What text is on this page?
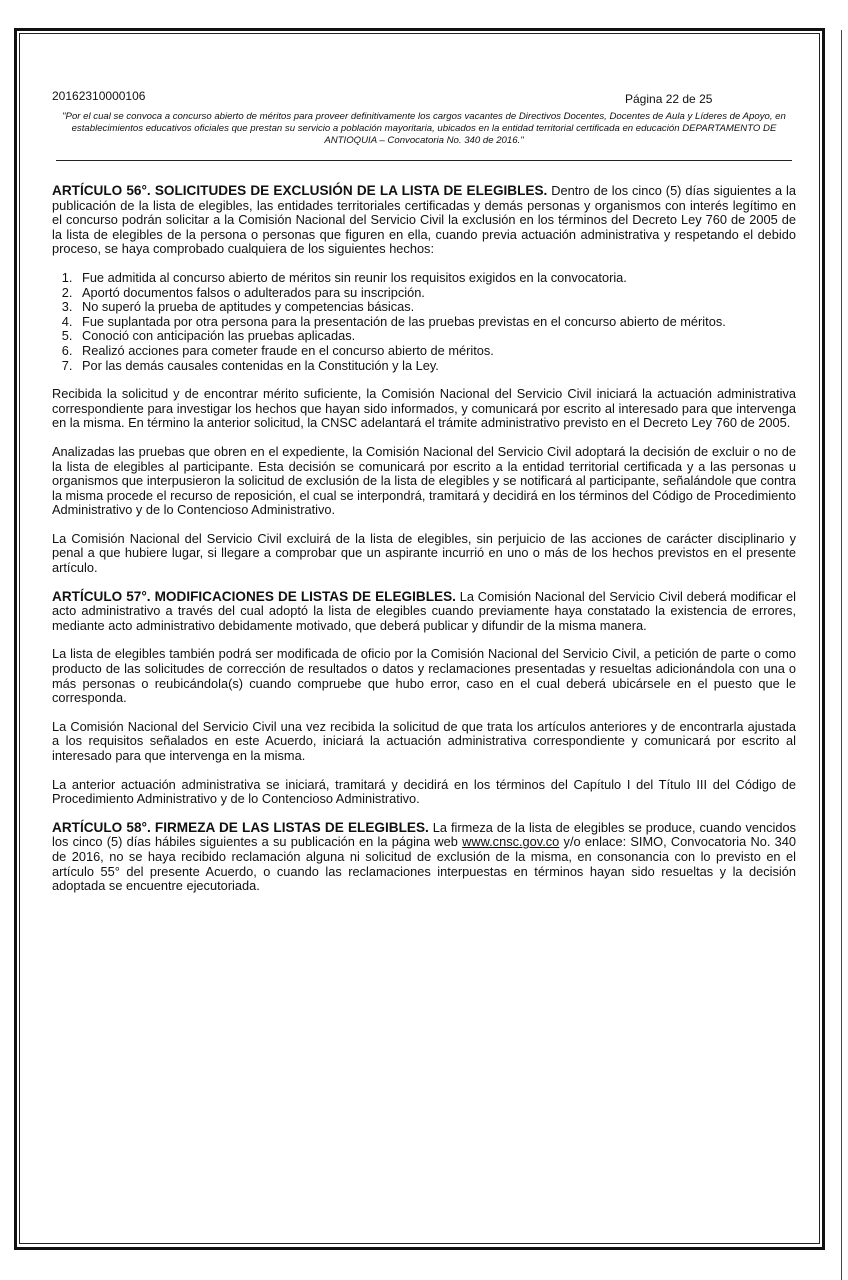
20162310000106	Página 22 de 25
"Por el cual se convoca a concurso abierto de méritos para proveer definitivamente los cargos vacantes de Directivos Docentes, Docentes de Aula y Líderes de Apoyo, en establecimientos educativos oficiales que prestan su servicio a población mayoritaria, ubicados en la entidad territorial certificada en educación DEPARTAMENTO DE ANTIOQUIA – Convocatoria No. 340 de 2016."

ARTÍCULO 56°. SOLICITUDES DE EXCLUSIÓN DE LA LISTA DE ELEGIBLES. Dentro de los cinco (5) días siguientes a la publicación de la lista de elegibles, las entidades territoriales certificadas y demás personas y organismos con interés legítimo en el concurso podrán solicitar a la Comisión Nacional del Servicio Civil la exclusión en los términos del Decreto Ley 760 de 2005 de la lista de elegibles de la persona o personas que figuren en ella, cuando previa actuación administrativa y respetando el debido proceso, se haya comprobado cualquiera de los siguientes hechos:

1. Fue admitida al concurso abierto de méritos sin reunir los requisitos exigidos en la convocatoria.
2. Aportó documentos falsos o adulterados para su inscripción.
3. No superó la prueba de aptitudes y competencias básicas.
4. Fue suplantada por otra persona para la presentación de las pruebas previstas en el concurso abierto de méritos.
5. Conoció con anticipación las pruebas aplicadas.
6. Realizó acciones para cometer fraude en el concurso abierto de méritos.
7. Por las demás causales contenidas en la Constitución y la Ley.

Recibida la solicitud y de encontrar mérito suficiente, la Comisión Nacional del Servicio Civil iniciará la actuación administrativa correspondiente para investigar los hechos que hayan sido informados, y comunicará por escrito al interesado para que intervenga en la misma. En término la anterior solicitud, la CNSC adelantará el trámite administrativo previsto en el Decreto Ley 760 de 2005.

Analizadas las pruebas que obren en el expediente, la Comisión Nacional del Servicio Civil adoptará la decisión de excluir o no de la lista de elegibles al participante. Esta decisión se comunicará por escrito a la entidad territorial certificada y a las personas u organismos que interpusieron la solicitud de exclusión de la lista de elegibles y se notificará al participante, señalándole que contra la misma procede el recurso de reposición, el cual se interpondrá, tramitará y decidirá en los términos del Código de Procedimiento Administrativo y de lo Contencioso Administrativo.

La Comisión Nacional del Servicio Civil excluirá de la lista de elegibles, sin perjuicio de las acciones de carácter disciplinario y penal a que hubiere lugar, si llegare a comprobar que un aspirante incurrió en uno o más de los hechos previstos en el presente artículo.

ARTÍCULO 57°. MODIFICACIONES DE LISTAS DE ELEGIBLES. La Comisión Nacional del Servicio Civil deberá modificar el acto administrativo a través del cual adoptó la lista de elegibles cuando previamente haya constatado la existencia de errores, mediante acto administrativo debidamente motivado, que deberá publicar y difundir de la misma manera.

La lista de elegibles también podrá ser modificada de oficio por la Comisión Nacional del Servicio Civil, a petición de parte o como producto de las solicitudes de corrección de resultados o datos y reclamaciones presentadas y resueltas adicionándola con una o más personas o reubicándola(s) cuando compruebe que hubo error, caso en el cual deberá ubicársele en el puesto que le corresponda.

La Comisión Nacional del Servicio Civil una vez recibida la solicitud de que trata los artículos anteriores y de encontrarla ajustada a los requisitos señalados en este Acuerdo, iniciará la actuación administrativa correspondiente y comunicará por escrito al interesado para que intervenga en la misma.

La anterior actuación administrativa se iniciará, tramitará y decidirá en los términos del Capítulo I del Título III del Código de Procedimiento Administrativo y de lo Contencioso Administrativo.

ARTÍCULO 58°. FIRMEZA DE LAS LISTAS DE ELEGIBLES. La firmeza de la lista de elegibles se produce, cuando vencidos los cinco (5) días hábiles siguientes a su publicación en la página web www.cnsc.gov.co y/o enlace: SIMO, Convocatoria No. 340 de 2016, no se haya recibido reclamación alguna ni solicitud de exclusión de la misma, en consonancia con lo previsto en el artículo 55° del presente Acuerdo, o cuando las reclamaciones interpuestas en términos hayan sido resueltas y la decisión adoptada se encuentre ejecutoriada.
